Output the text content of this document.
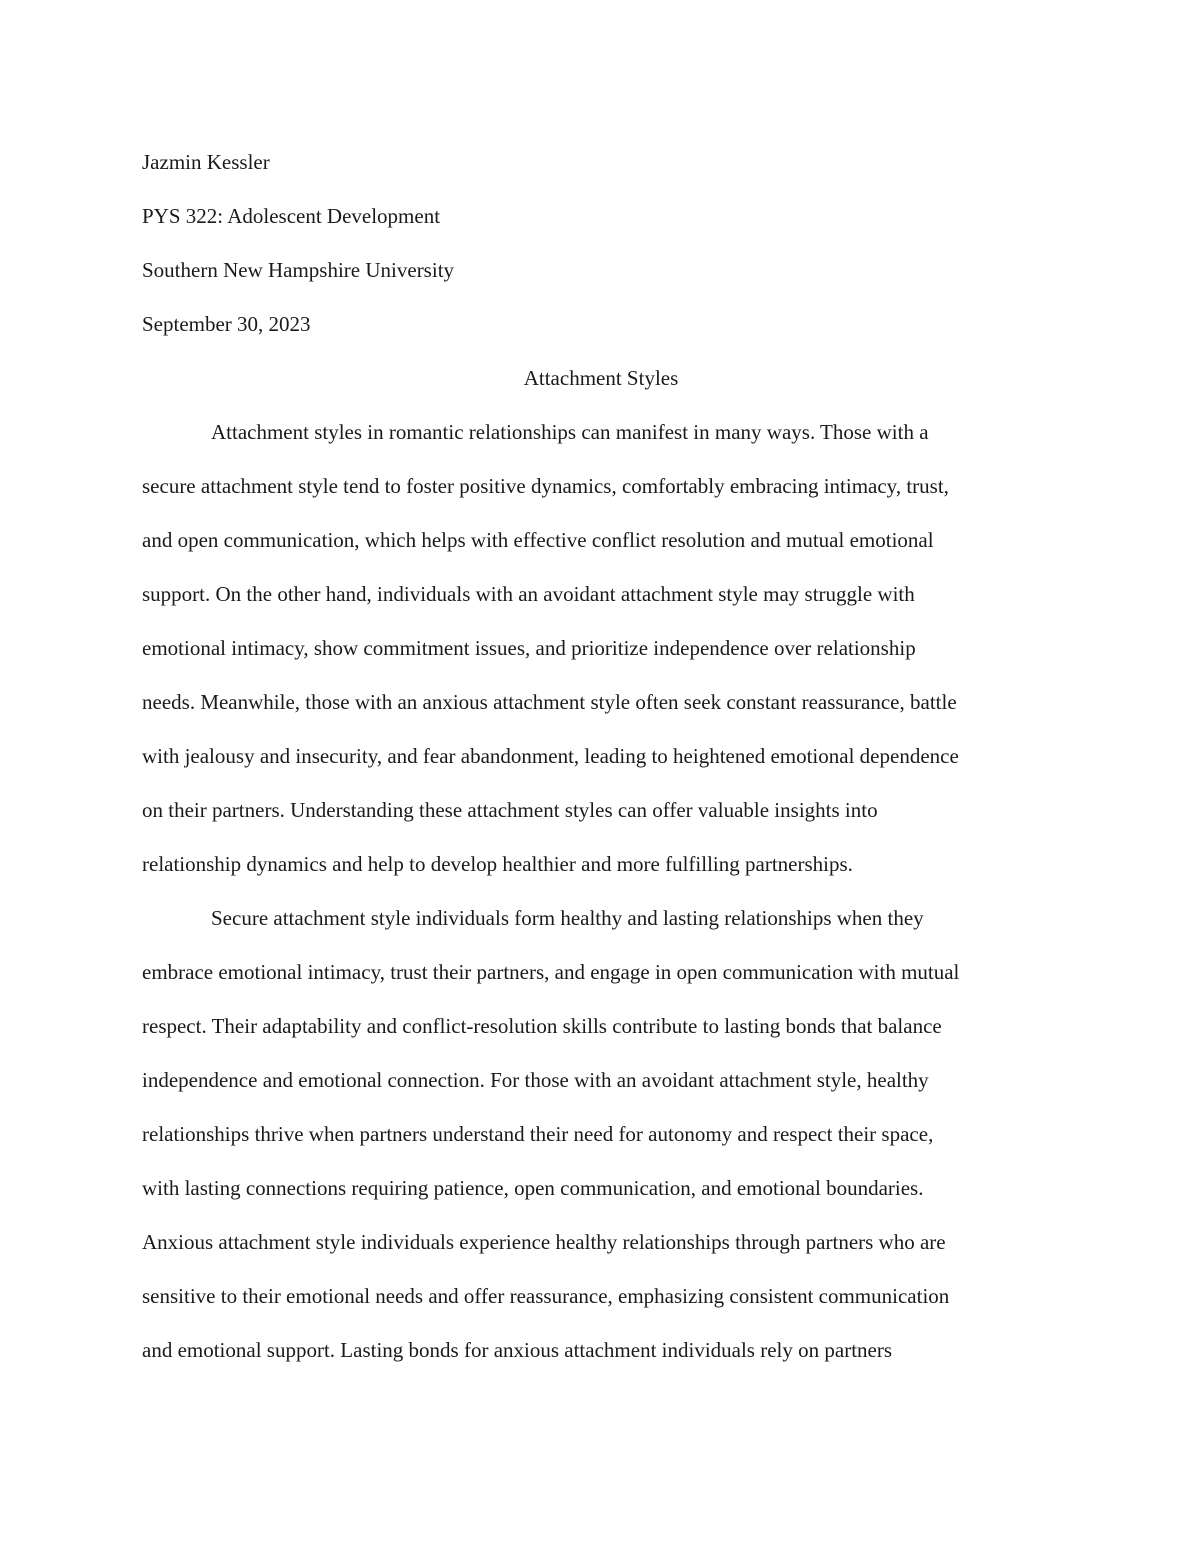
Jazmin Kessler

PYS 322: Adolescent Development

Southern New Hampshire University

September 30, 2023

Attachment Styles

Attachment styles in romantic relationships can manifest in many ways. Those with a
secure attachment style tend to foster positive dynamics, comfortably embracing intimacy, trust,
and open communication, which helps with effective conflict resolution and mutual emotional
support. On the other hand, individuals with an avoidant attachment style may struggle with
emotional intimacy, show commitment issues, and prioritize independence over relationship
needs. Meanwhile, those with an anxious attachment style often seek constant reassurance, battle
with jealousy and insecurity, and fear abandonment, leading to heightened emotional dependence
on their partners. Understanding these attachment styles can offer valuable insights into
relationship dynamics and help to develop healthier and more fulfilling partnerships.
Secure attachment style individuals form healthy and lasting relationships when they
embrace emotional intimacy, trust their partners, and engage in open communication with mutual
respect. Their adaptability and conflict-resolution skills contribute to lasting bonds that balance
independence and emotional connection. For those with an avoidant attachment style, healthy
relationships thrive when partners understand their need for autonomy and respect their space,
with lasting connections requiring patience, open communication, and emotional boundaries.
Anxious attachment style individuals experience healthy relationships through partners who are
sensitive to their emotional needs and offer reassurance, emphasizing consistent communication
and emotional support. Lasting bonds for anxious attachment individuals rely on partners
